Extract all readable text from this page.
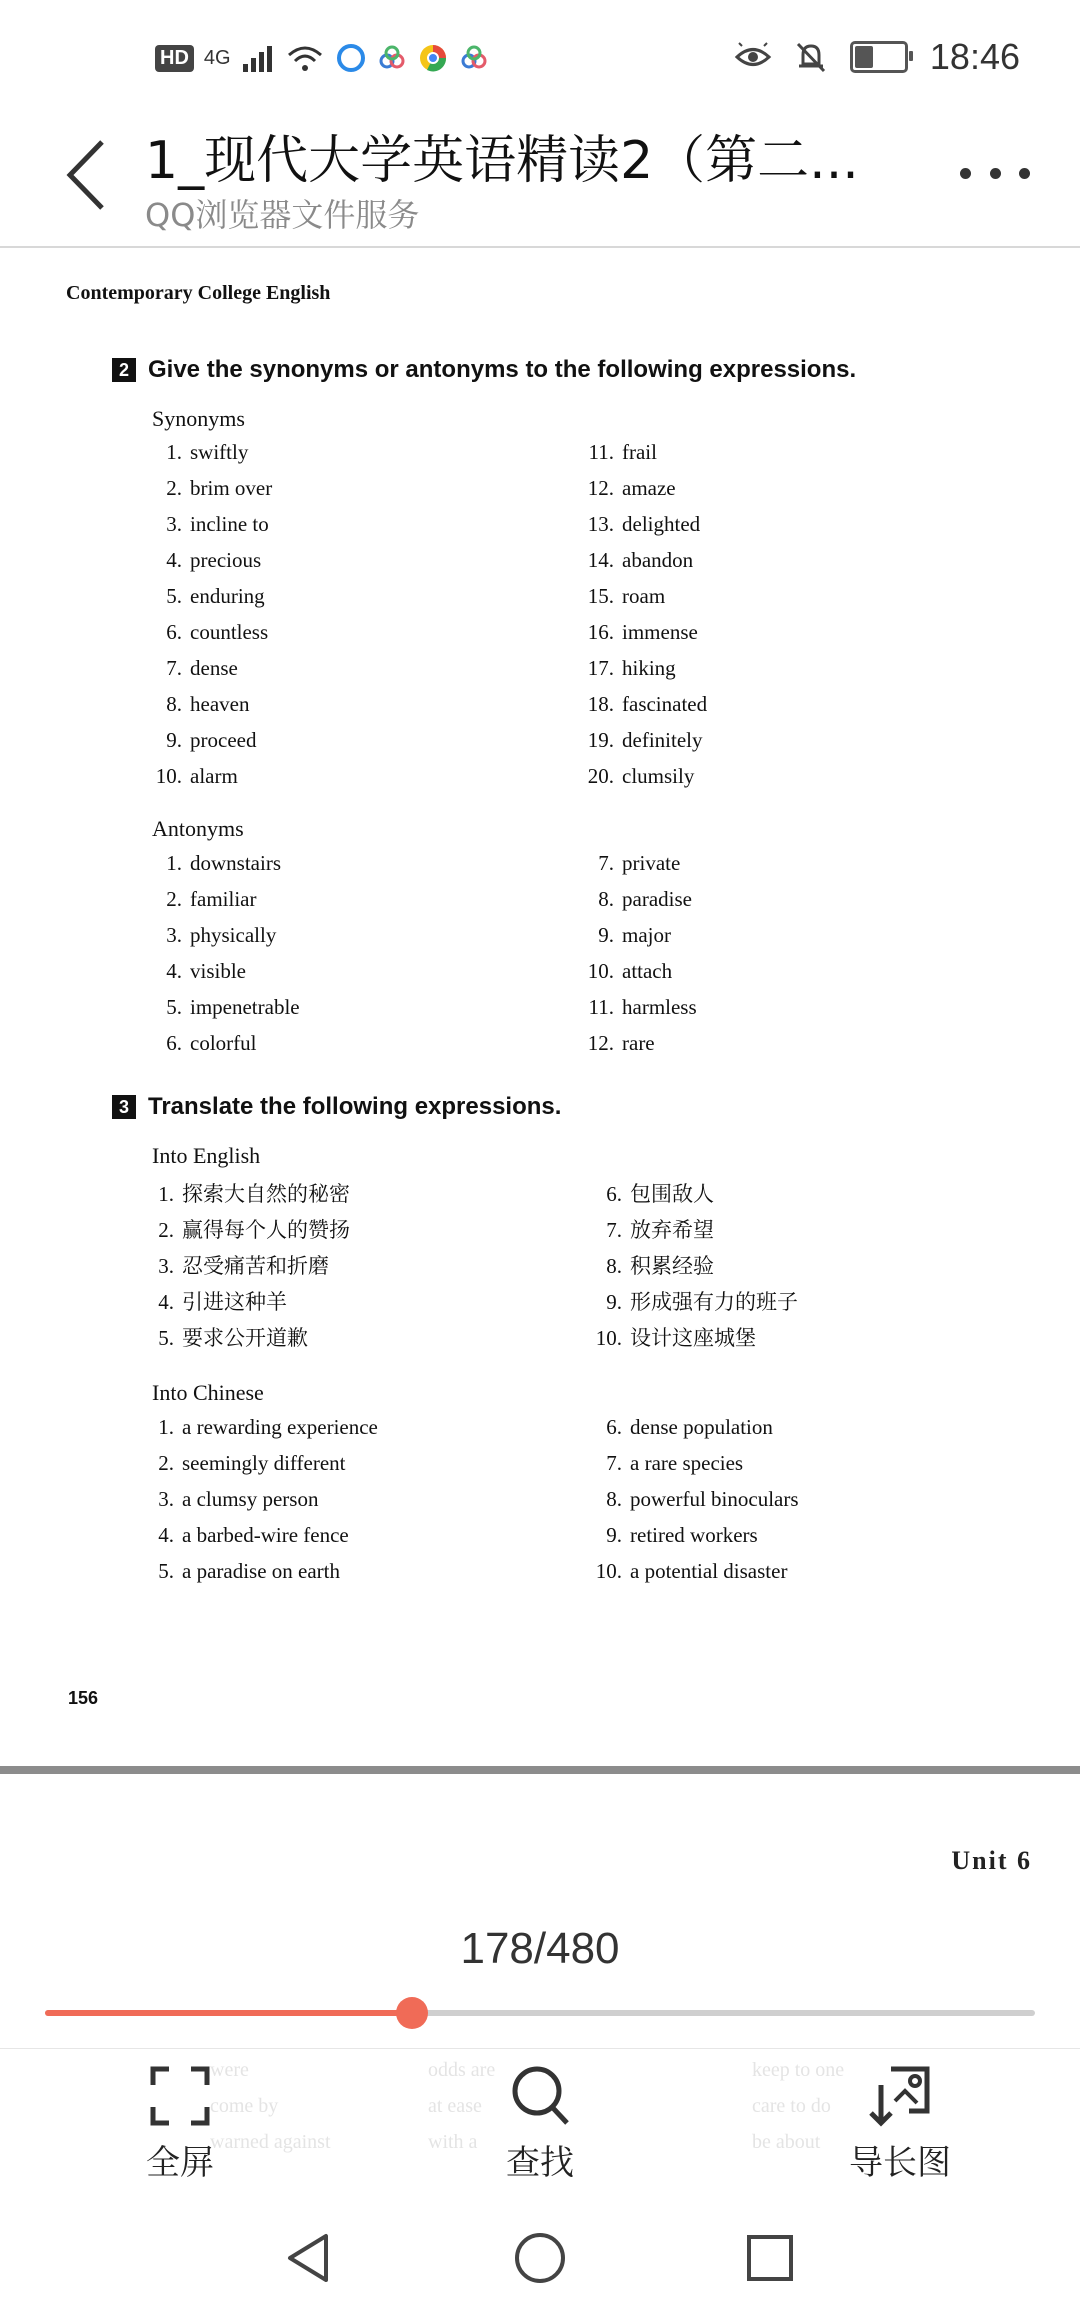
HD 4G	18:46
1_现代大学英语精读2（第二...
QQ浏览器文件服务
Contemporary College English
2 Give the synonyms or antonyms to the following expressions.
Synonyms
1. swiftly
2. brim over
3. incline to
4. precious
5. enduring
6. countless
7. dense
8. heaven
9. proceed
10. alarm
11. frail
12. amaze
13. delighted
14. abandon
15. roam
16. immense
17. hiking
18. fascinated
19. definitely
20. clumsily
Antonyms
1. downstairs
2. familiar
3. physically
4. visible
5. impenetrable
6. colorful
7. private
8. paradise
9. major
10. attach
11. harmless
12. rare
3 Translate the following expressions.
Into English
1. 探索大自然的秘密
2. 赢得每个人的赞扬
3. 忍受痛苦和折磨
4. 引进这种羊
5. 要求公开道歉
6. 包围敌人
7. 放弃希望
8. 积累经验
9. 形成强有力的班子
10. 设计这座城堡
Into Chinese
1. a rewarding experience
2. seemingly different
3. a clumsy person
4. a barbed-wire fence
5. a paradise on earth
6. dense population
7. a rare species
8. powerful binoculars
9. retired workers
10. a potential disaster
156
Unit 6
178/480
were
come by
warned against
odds are
at ease
with a
keep to one
care to do
be about
全屏	查找	导长图
